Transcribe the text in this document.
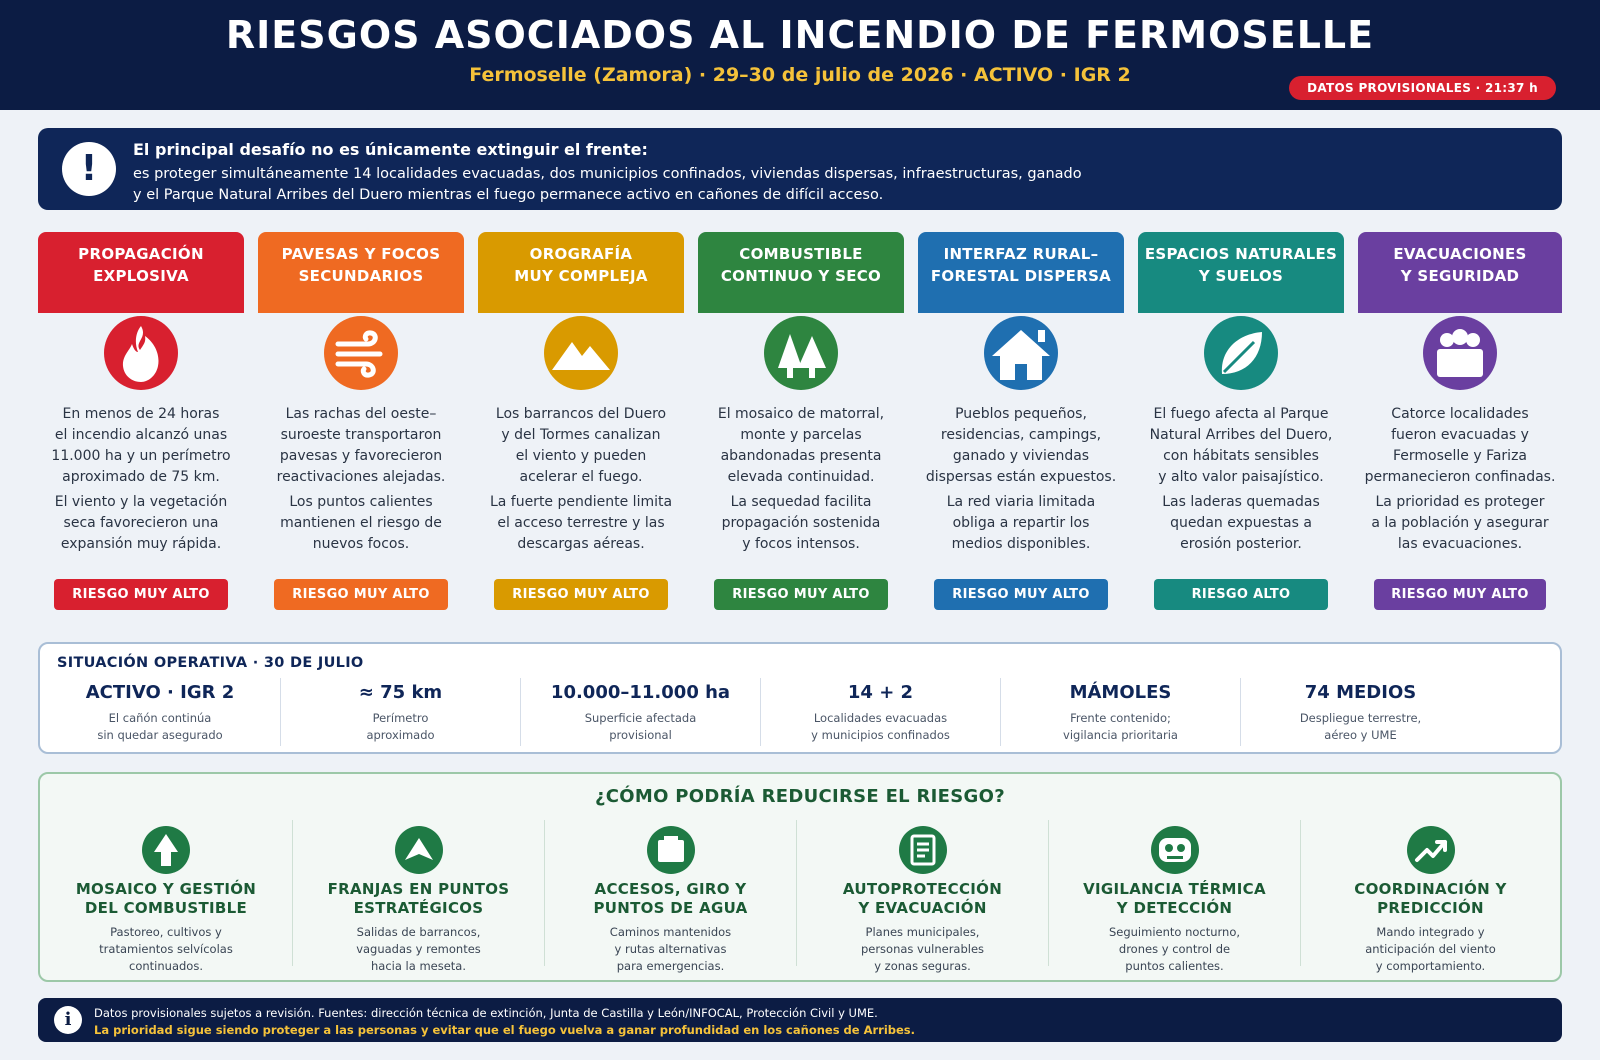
RIESGOS ASOCIADOS AL INCENDIO DE FERMOSELLE
Fermoselle (Zamora) · 29–30 de julio de 2026 · ACTIVO · IGR 2
DATOS PROVISIONALES · 21:37 h
!	El principal desafío no es únicamente extinguir el frente:
es proteger simultáneamente 14 localidades evacuadas, dos municipios confinados, viviendas dispersas, infraestructuras, ganado
y el Parque Natural Arribes del Duero mientras el fuego permanece activo en cañones de difícil acceso.
PROPAGACIÓN
EXPLOSIVA
En menos de 24 horas
el incendio alcanzó unas
11.000 ha y un perímetro
aproximado de 75 km.
El viento y la vegetación
seca favorecieron una
expansión muy rápida.
RIESGO MUY ALTO
PAVESAS Y FOCOS
SECUNDARIOS
Las rachas del oeste–
suroeste transportaron
pavesas y favorecieron
reactivaciones alejadas.
Los puntos calientes
mantienen el riesgo de
nuevos focos.
RIESGO MUY ALTO
OROGRAFÍA
MUY COMPLEJA
Los barrancos del Duero
y del Tormes canalizan
el viento y pueden
acelerar el fuego.
La fuerte pendiente limita
el acceso terrestre y las
descargas aéreas.
RIESGO MUY ALTO
COMBUSTIBLE
CONTINUO Y SECO
El mosaico de matorral,
monte y parcelas
abandonadas presenta
elevada continuidad.
La sequedad facilita
propagación sostenida
y focos intensos.
RIESGO MUY ALTO
INTERFAZ RURAL–
FORESTAL DISPERSA
Pueblos pequeños,
residencias, campings,
ganado y viviendas
dispersas están expuestos.
La red viaria limitada
obliga a repartir los
medios disponibles.
RIESGO MUY ALTO
ESPACIOS NATURALES
Y SUELOS
El fuego afecta al Parque
Natural Arribes del Duero,
con hábitats sensibles
y alto valor paisajístico.
Las laderas quemadas
quedan expuestas a
erosión posterior.
RIESGO ALTO
EVACUACIONES
Y SEGURIDAD
Catorce localidades
fueron evacuadas y
Fermoselle y Fariza
permanecieron confinadas.
La prioridad es proteger
a la población y asegurar
las evacuaciones.
RIESGO MUY ALTO
SITUACIÓN OPERATIVA · 30 DE JULIO
ACTIVO · IGR 2
El cañón continúa
sin quedar asegurado
≈ 75 km
Perímetro
aproximado
10.000–11.000 ha
Superficie afectada
provisional
14 + 2
Localidades evacuadas
y municipios confinados
MÁMOLES
Frente contenido;
vigilancia prioritaria
74 MEDIOS
Despliegue terrestre,
aéreo y UME
¿CÓMO PODRÍA REDUCIRSE EL RIESGO?
MOSAICO Y GESTIÓN
DEL COMBUSTIBLE
Pastoreo, cultivos y
tratamientos selvícolas
continuados.
FRANJAS EN PUNTOS
ESTRATÉGICOS
Salidas de barrancos,
vaguadas y remontes
hacia la meseta.
ACCESOS, GIRO Y
PUNTOS DE AGUA
Caminos mantenidos
y rutas alternativas
para emergencias.
AUTOPROTECCIÓN
Y EVACUACIÓN
Planes municipales,
personas vulnerables
y zonas seguras.
VIGILANCIA TÉRMICA
Y DETECCIÓN
Seguimiento nocturno,
drones y control de
puntos calientes.
COORDINACIÓN Y
PREDICCIÓN
Mando integrado y
anticipación del viento
y comportamiento.
i	Datos provisionales sujetos a revisión. Fuentes: dirección técnica de extinción, Junta de Castilla y León/INFOCAL, Protección Civil y UME.
La prioridad sigue siendo proteger a las personas y evitar que el fuego vuelva a ganar profundidad en los cañones de Arribes.
